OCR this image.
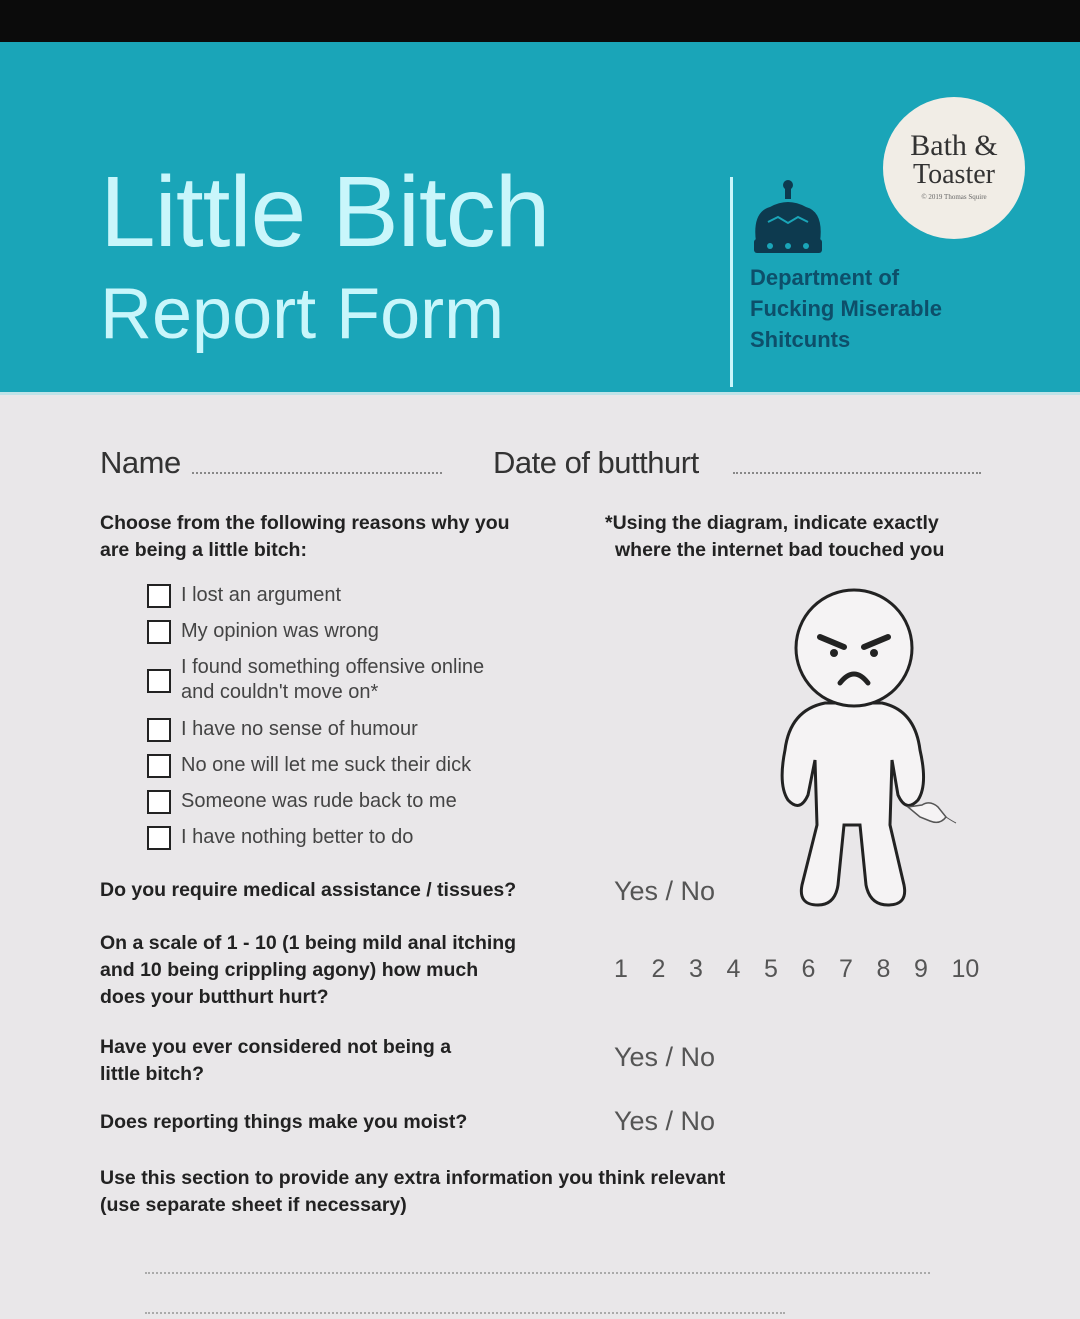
Little Bitch
Report Form	Department of
Fucking Miserable
Shitcunts
Bath &
Toaster
© 2019 Thomas Squire
Name	Date of butthurt
Choose from the following reasons why you
are being a little bitch:
I lost an argument
My opinion was wrong
I found something offensive online
and couldn't move on*
I have no sense of humour
No one will let me suck their dick
Someone was rude back to me
I have nothing better to do
*Using the diagram, indicate exactly
where the internet bad touched you
Do you require medical assistance / tissues?	Yes / No
On a scale of 1 - 10 (1 being mild anal itching
and 10 being crippling agony) how much
does your butthurt hurt?
1 2 3 4 5 6 7 8 9 10
Have you ever considered not being a
little bitch?
Yes / No
Does reporting things make you moist?	Yes / No
Use this section to provide any extra information you think relevant
(use separate sheet if necessary)
